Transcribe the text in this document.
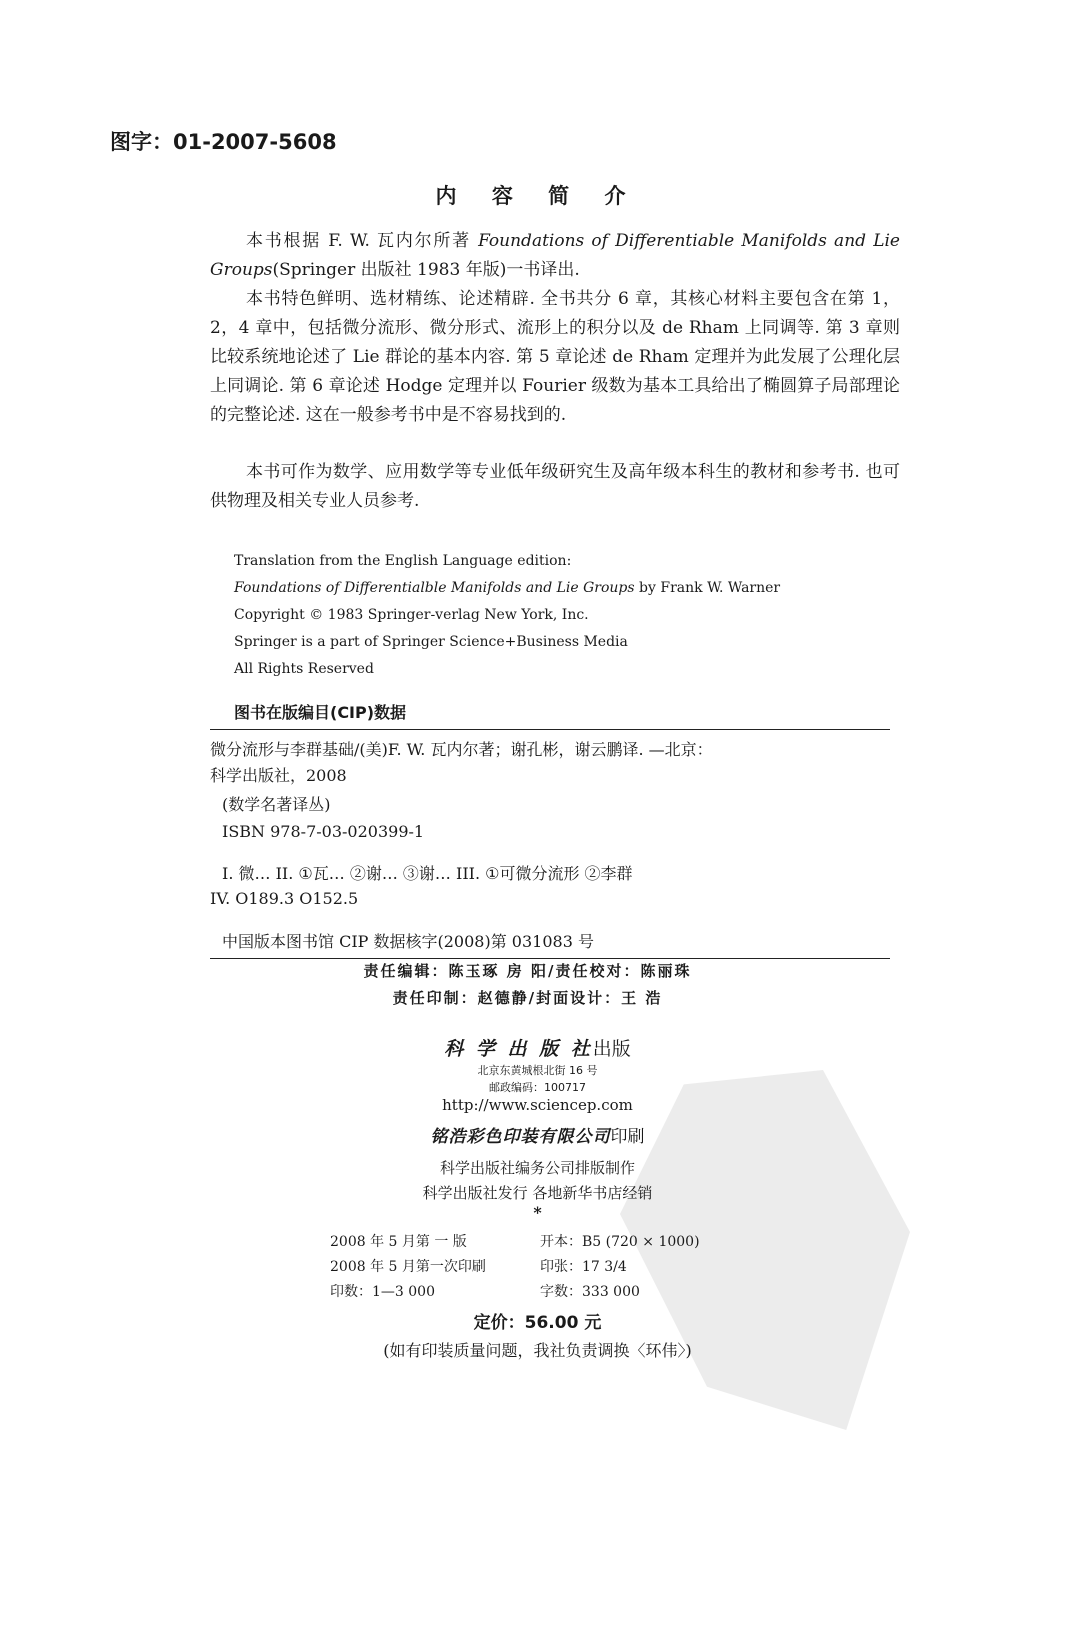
图字：01-2007-5608
内 容 简 介
本书根据 F. W. 瓦内尔所著 Foundations of Differentiable Manifolds and Lie Groups(Springer 出版社 1983 年版)一书译出.
本书特色鲜明、选材精练、论述精辟. 全书共分 6 章，其核心材料主要包含在第 1，2，4 章中，包括微分流形、微分形式、流形上的积分以及 de Rham 上同调等. 第 3 章则比较系统地论述了 Lie 群论的基本内容. 第 5 章论述 de Rham 定理并为此发展了公理化层上同调论. 第 6 章论述 Hodge 定理并以 Fourier 级数为基本工具给出了椭圆算子局部理论的完整论述. 这在一般参考书中是不容易找到的.
本书可作为数学、应用数学等专业低年级研究生及高年级本科生的教材和参考书. 也可供物理及相关专业人员参考.
Translation from the English Language edition:
Foundations of Differentialble Manifolds and Lie Groups by Frank W. Warner
Copyright © 1983 Springer-verlag New York, Inc.
Springer is a part of Springer Science+Business Media
All Rights Reserved
图书在版编目(CIP)数据
微分流形与李群基础/(美)F. W. 瓦内尔著；谢孔彬，谢云鹏译. —北京：
科学出版社，2008
(数学名著译丛)
ISBN 978-7-03-020399-1
I. 微… II. ①瓦… ②谢… ③谢… III. ①可微分流形 ②李群
IV. O189.3 O152.5
中国版本图书馆 CIP 数据核字(2008)第 031083 号
责任编辑：陈玉琢 房 阳/责任校对：陈丽珠
责任印制：赵德静/封面设计：王 浩
科 学 出 版 社出版
北京东黄城根北街 16 号
邮政编码：100717
http://www.sciencep.com
铭浩彩色印装有限公司印刷
科学出版社编务公司排版制作
科学出版社发行 各地新华书店经销
*
2008 年 5 月第 一 版	开本：B5 (720 × 1000)
2008 年 5 月第一次印刷	印张：17 3/4
印数：1—3 000	字数：333 000
定价：56.00 元
(如有印装质量问题，我社负责调换〈环伟〉)
